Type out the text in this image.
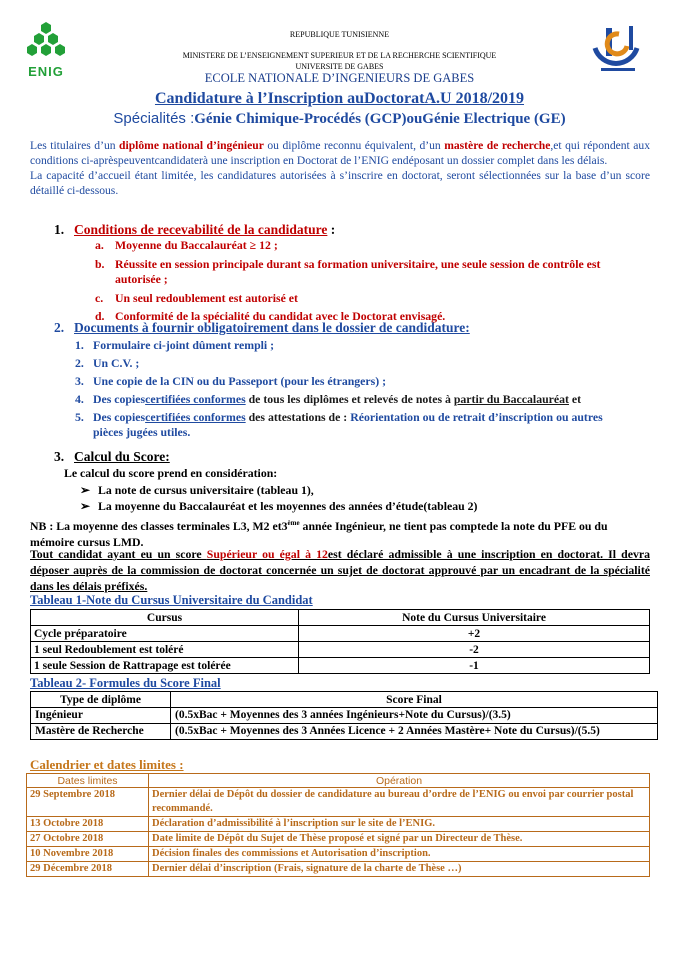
ENIG
REPUBLIQUE TUNISIENNE
MINISTERE DE L’ENSEIGNEMENT SUPERIEUR ET DE LA RECHERCHE SCIENTIFIQUE
UNIVERSITE DE GABES
ECOLE NATIONALE D’INGENIEURS DE GABES
Candidature à l’Inscription auDoctoratA.U 2018/2019
Spécialités :Génie Chimique-Procédés (GCP)ouGénie Electrique (GE)
Les titulaires d’un diplôme national d’ingénieur ou diplôme reconnu équivalent, d’un mastère de recherche,et qui répondent aux conditions ci-aprèspeuventcandidaterà une inscription en Doctorat de l’ENIG endéposant un dossier complet dans les délais.
La capacité d’accueil étant limitée, les candidatures autorisées à s’inscrire en doctorat, seront sélectionnées sur la base d’un score détaillé ci-dessous.
1. Conditions de recevabilité de la candidature :
a. Moyenne du Baccalauréat ≥ 12 ;
b. Réussite en session principale durant sa formation universitaire, une seule session de contrôle est autorisée ;
c. Un seul redoublement est autorisé et
d. Conformité de la spécialité du candidat avec le Doctorat envisagé.
2. Documents à fournir obligatoirement dans le dossier de candidature:
1. Formulaire ci-joint dûment rempli ;
2. Un C.V. ;
3. Une copie de la CIN ou du Passeport (pour les étrangers) ;
4. Des copiescertifiées conformes de tous les diplômes et relevés de notes à partir du Baccalauréat et
5. Des copiescertifiées conformes des attestations de : Réorientation ou de retrait d’inscription ou autres pièces jugées utiles.
3. Calcul du Score:
Le calcul du score prend en considération:
➢ La note de cursus universitaire (tableau 1),
➢ La moyenne du Baccalauréat et les moyennes des années d’étude(tableau 2)
NB : La moyenne des classes terminales L3, M2 et3ème année Ingénieur, ne tient pas comptede la note du PFE ou du mémoire cursus LMD.
Tout candidat ayant eu un score Supérieur ou égal à 12est déclaré admissible à une inscription en doctorat. Il devra déposer auprès de la commission de doctorat concernée un sujet de doctorat approuvé par un encadrant de la spécialité dans les délais préfixés.
Tableau 1-Note du Cursus Universitaire du Candidat
Cursus	Note du Cursus Universitaire
Cycle préparatoire	+2
1 seul Redoublement est toléré	-2
1 seule Session de Rattrapage est tolérée	-1
Tableau 2- Formules du Score Final
Type de diplôme	Score Final
Ingénieur	(0.5xBac + Moyennes des 3 années Ingénieurs+Note du Cursus)/(3.5)
Mastère de Recherche	(0.5xBac + Moyennes des 3 Années Licence + 2 Années Mastère+ Note du Cursus)/(5.5)
Calendrier et dates limites :
Dates limites	Opération
29 Septembre 2018	Dernier délai de Dépôt du dossier de candidature au bureau d’ordre de l’ENIG ou envoi par courrier postal recommandé.
13 Octobre 2018	Déclaration d’admissibilité à l’inscription sur le site de l’ENIG.
27 Octobre 2018	Date limite de Dépôt du Sujet de Thèse proposé et signé par un Directeur de Thèse.
10 Novembre 2018	Décision finales des commissions et Autorisation d’inscription.
29 Décembre 2018	Dernier délai d’inscription (Frais, signature de la charte de Thèse …)
